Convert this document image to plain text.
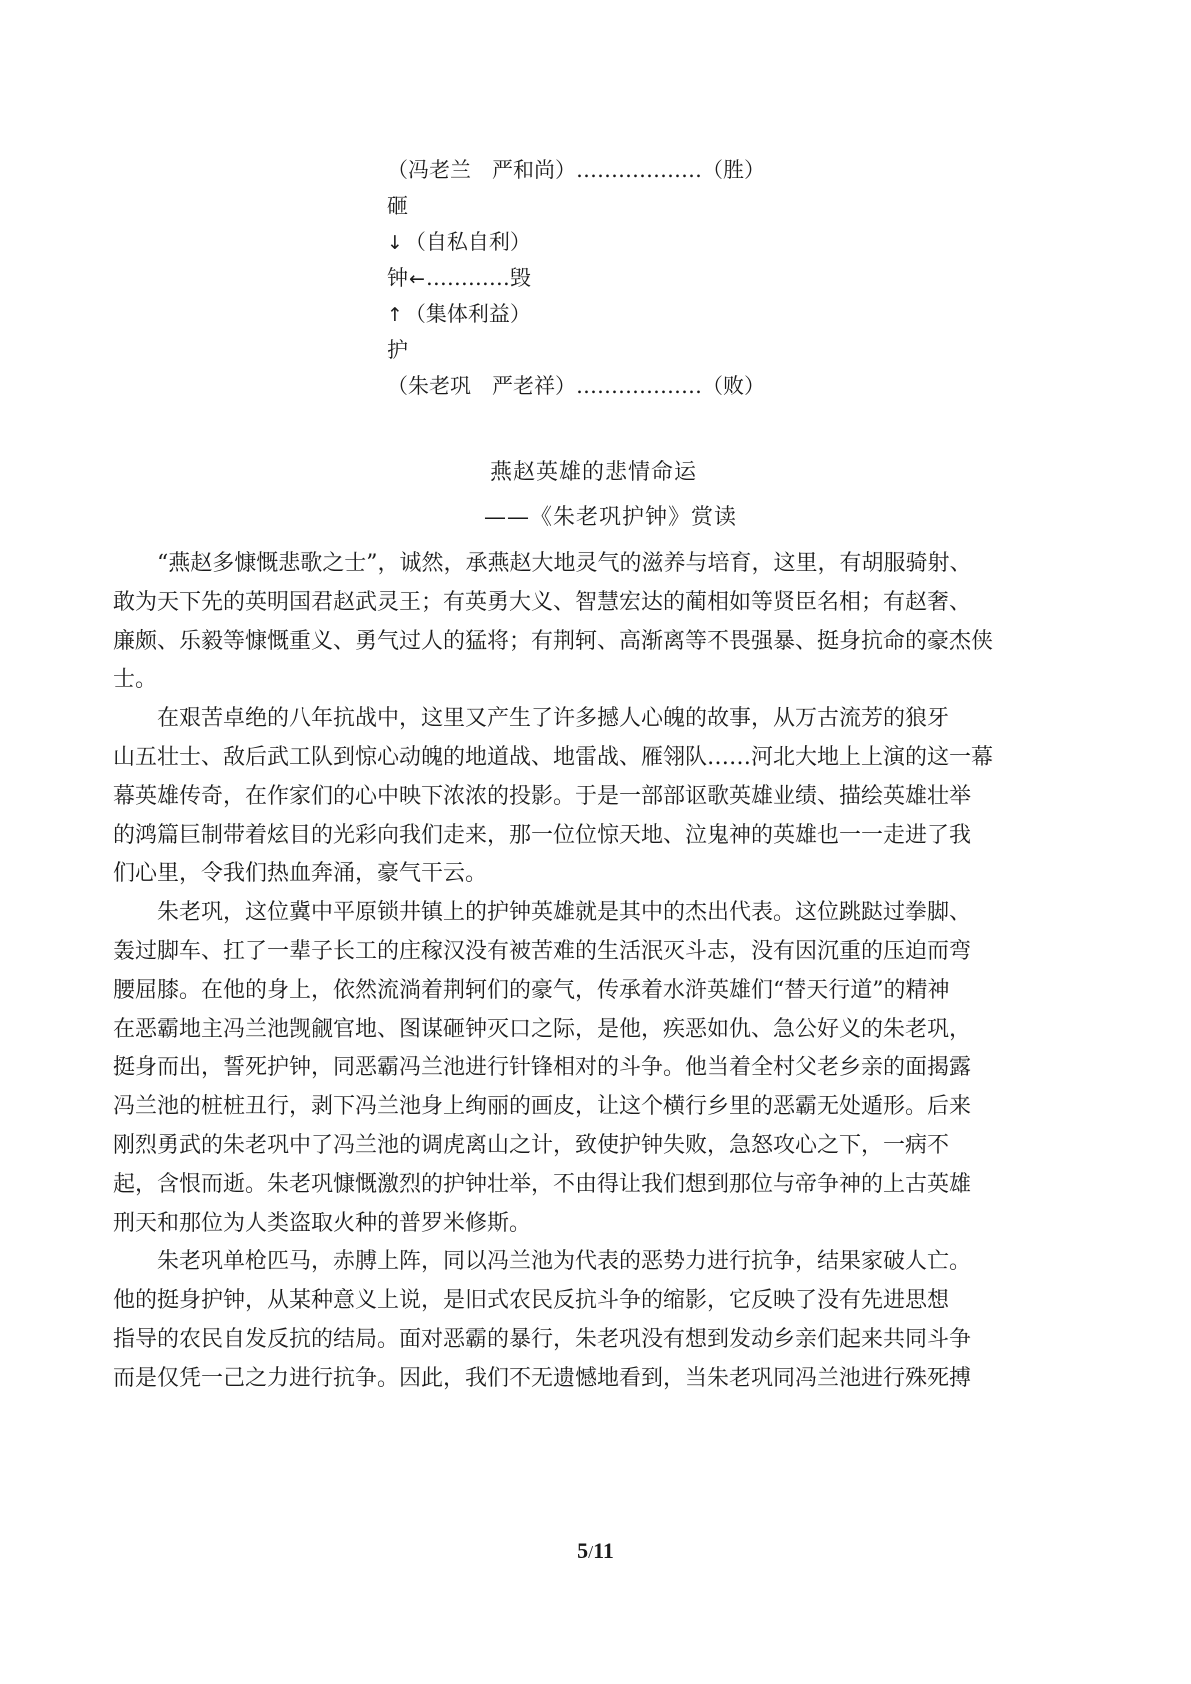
（冯老兰　严和尚）………………（胜）
砸
↓（自私自利）
钟←…………毁
↑（集体利益）
护
（朱老巩　严老祥）………………（败）
燕赵英雄的悲情命运
——《朱老巩护钟》赏读
“燕赵多慷慨悲歌之士”，诚然，承燕赵大地灵气的滋养与培育，这里，有胡服骑射、
敢为天下先的英明国君赵武灵王；有英勇大义、智慧宏达的蔺相如等贤臣名相；有赵奢、
廉颇、乐毅等慷慨重义、勇气过人的猛将；有荆轲、高渐离等不畏强暴、挺身抗命的豪杰侠
士。
在艰苦卓绝的八年抗战中，这里又产生了许多撼人心魄的故事，从万古流芳的狼牙
山五壮士、敌后武工队到惊心动魄的地道战、地雷战、雁翎队……河北大地上上演的这一幕
幕英雄传奇，在作家们的心中映下浓浓的投影。于是一部部讴歌英雄业绩、描绘英雄壮举
的鸿篇巨制带着炫目的光彩向我们走来，那一位位惊天地、泣鬼神的英雄也一一走进了我
们心里，令我们热血奔涌，豪气干云。
朱老巩，这位冀中平原锁井镇上的护钟英雄就是其中的杰出代表。这位跳跶过拳脚、
轰过脚车、扛了一辈子长工的庄稼汉没有被苦难的生活泯灭斗志，没有因沉重的压迫而弯
腰屈膝。在他的身上，依然流淌着荆轲们的豪气，传承着水浒英雄们“替天行道”的精神
在恶霸地主冯兰池觊觎官地、图谋砸钟灭口之际，是他，疾恶如仇、急公好义的朱老巩，
挺身而出，誓死护钟，同恶霸冯兰池进行针锋相对的斗争。他当着全村父老乡亲的面揭露
冯兰池的桩桩丑行，剥下冯兰池身上绚丽的画皮，让这个横行乡里的恶霸无处遁形。后来
刚烈勇武的朱老巩中了冯兰池的调虎离山之计，致使护钟失败，急怒攻心之下，一病不
起，含恨而逝。朱老巩慷慨激烈的护钟壮举，不由得让我们想到那位与帝争神的上古英雄
刑天和那位为人类盗取火种的普罗米修斯。
朱老巩单枪匹马，赤膊上阵，同以冯兰池为代表的恶势力进行抗争，结果家破人亡。
他的挺身护钟，从某种意义上说，是旧式农民反抗斗争的缩影，它反映了没有先进思想
指导的农民自发反抗的结局。面对恶霸的暴行，朱老巩没有想到发动乡亲们起来共同斗争
而是仅凭一己之力进行抗争。因此，我们不无遗憾地看到，当朱老巩同冯兰池进行殊死搏
5/11
